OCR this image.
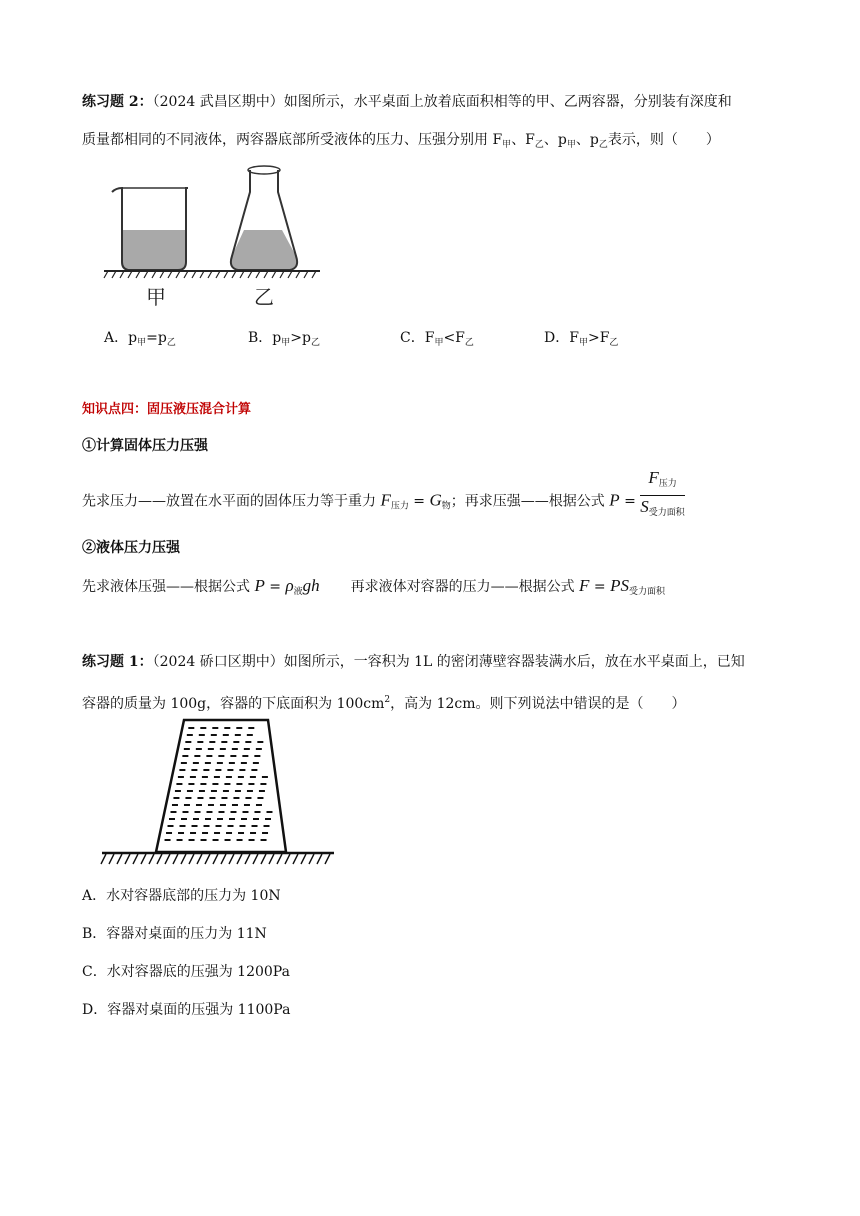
练习题 2：（2024 武昌区期中）如图所示，水平桌面上放着底面积相等的甲、乙两容器，分别装有深度和
质量都相同的不同液体，两容器底部所受液体的压力、压强分别用 $F_甲$、$F_乙$、$p_甲$、$p_乙$表示，则（　　）
甲	乙
A．$p_甲=p_乙$	B．$p_甲>p_乙$	C．$F_甲<F_乙$	D．$F_甲>F_乙$
知识点四：固压液压混合计算
①计算固体压力压强
先求压力——放置在水平面的固体压力等于重力 $F_{压力} = G_物$；再求压强——根据公式 $P = \frac{F_{压力}}{S_{受力面积}}$
②液体压力压强
先求液体压强——根据公式 $P = \rho_液gh$ 再求液体对容器的压力——根据公式 $F = PS_{受力面积}$
练习题 1：（2024 硚口区期中）如图所示，一容积为 1L 的密闭薄壁容器装满水后，放在水平桌面上，已知
容器的质量为 100g，容器的下底面积为 $100cm^2$，高为 12cm。则下列说法中错误的是（　　）
A．水对容器底部的压力为 10N
B．容器对桌面的压力为 11N
C．水对容器底的压强为 1200Pa
D．容器对桌面的压强为 1100Pa
